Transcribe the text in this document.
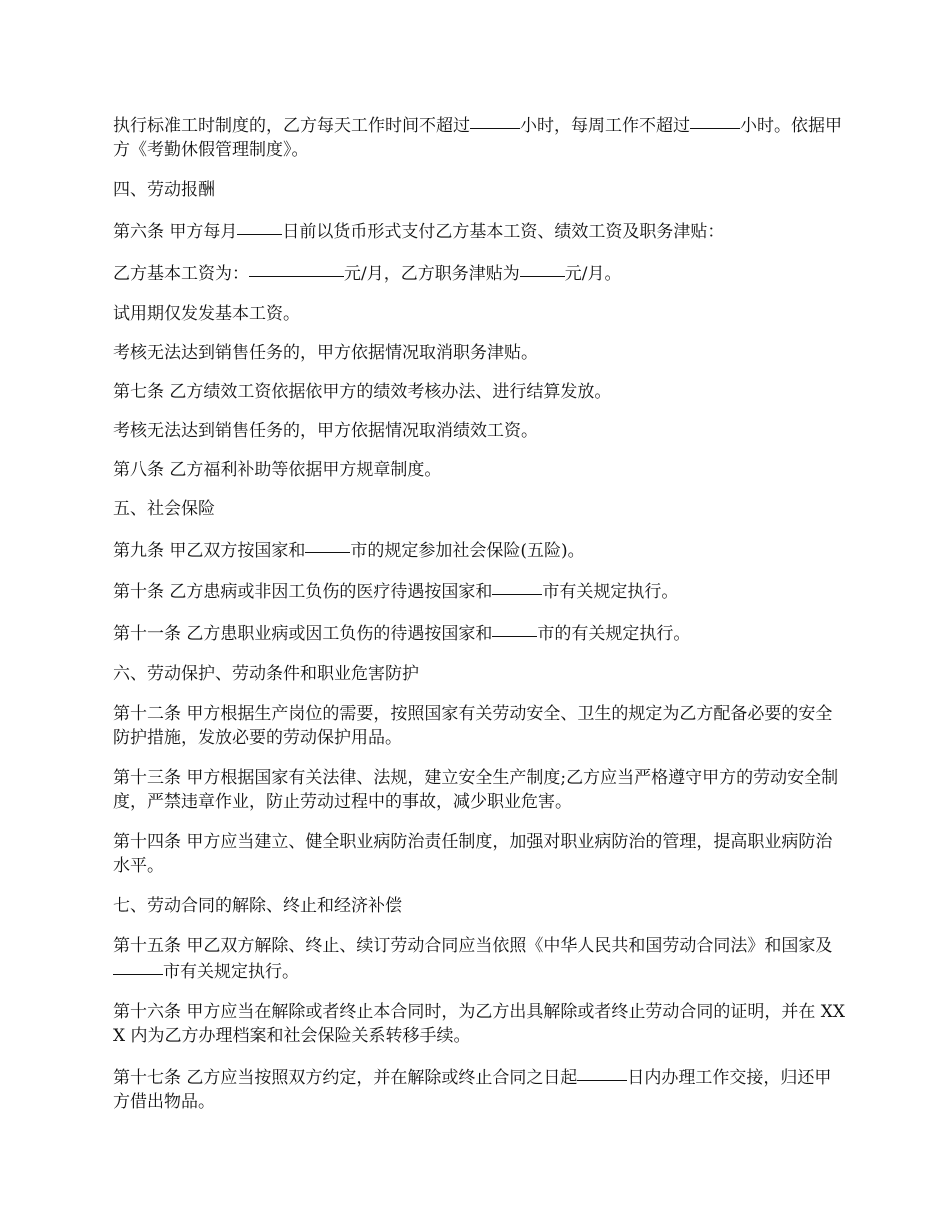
执行标准工时制度的，乙方每天工作时间不超过	小时，每周工作不超过	小时。依据甲方《考勤休假管理制度》。

四、劳动报酬

第六条 甲方每月	日前以货币形式支付乙方基本工资、绩效工资及职务津贴：

乙方基本工资为：	元/月，乙方职务津贴为	元/月。

试用期仅发发基本工资。

考核无法达到销售任务的，甲方依据情况取消职务津贴。

第七条 乙方绩效工资依据依甲方的绩效考核办法、进行结算发放。

考核无法达到销售任务的，甲方依据情况取消绩效工资。

第八条 乙方福利补助等依据甲方规章制度。

五、社会保险

第九条 甲乙双方按国家和	市的规定参加社会保险(五险)。

第十条 乙方患病或非因工负伤的医疗待遇按国家和	市有关规定执行。

第十一条 乙方患职业病或因工负伤的待遇按国家和	市的有关规定执行。

六、劳动保护、劳动条件和职业危害防护

第十二条 甲方根据生产岗位的需要，按照国家有关劳动安全、卫生的规定为乙方配备必要的安全防护措施，发放必要的劳动保护用品。

第十三条 甲方根据国家有关法律、法规，建立安全生产制度;乙方应当严格遵守甲方的劳动安全制度，严禁违章作业，防止劳动过程中的事故，减少职业危害。

第十四条 甲方应当建立、健全职业病防治责任制度，加强对职业病防治的管理，提高职业病防治水平。

七、劳动合同的解除、终止和经济补偿

第十五条 甲乙双方解除、终止、续订劳动合同应当依照《中华人民共和国劳动合同法》和国家及市有关规定执行。

第十六条 甲方应当在解除或者终止本合同时，为乙方出具解除或者终止劳动合同的证明，并在 XXX 内为乙方办理档案和社会保险关系转移手续。

第十七条 乙方应当按照双方约定，并在解除或终止合同之日起	日内办理工作交接，归还甲方借出物品。
